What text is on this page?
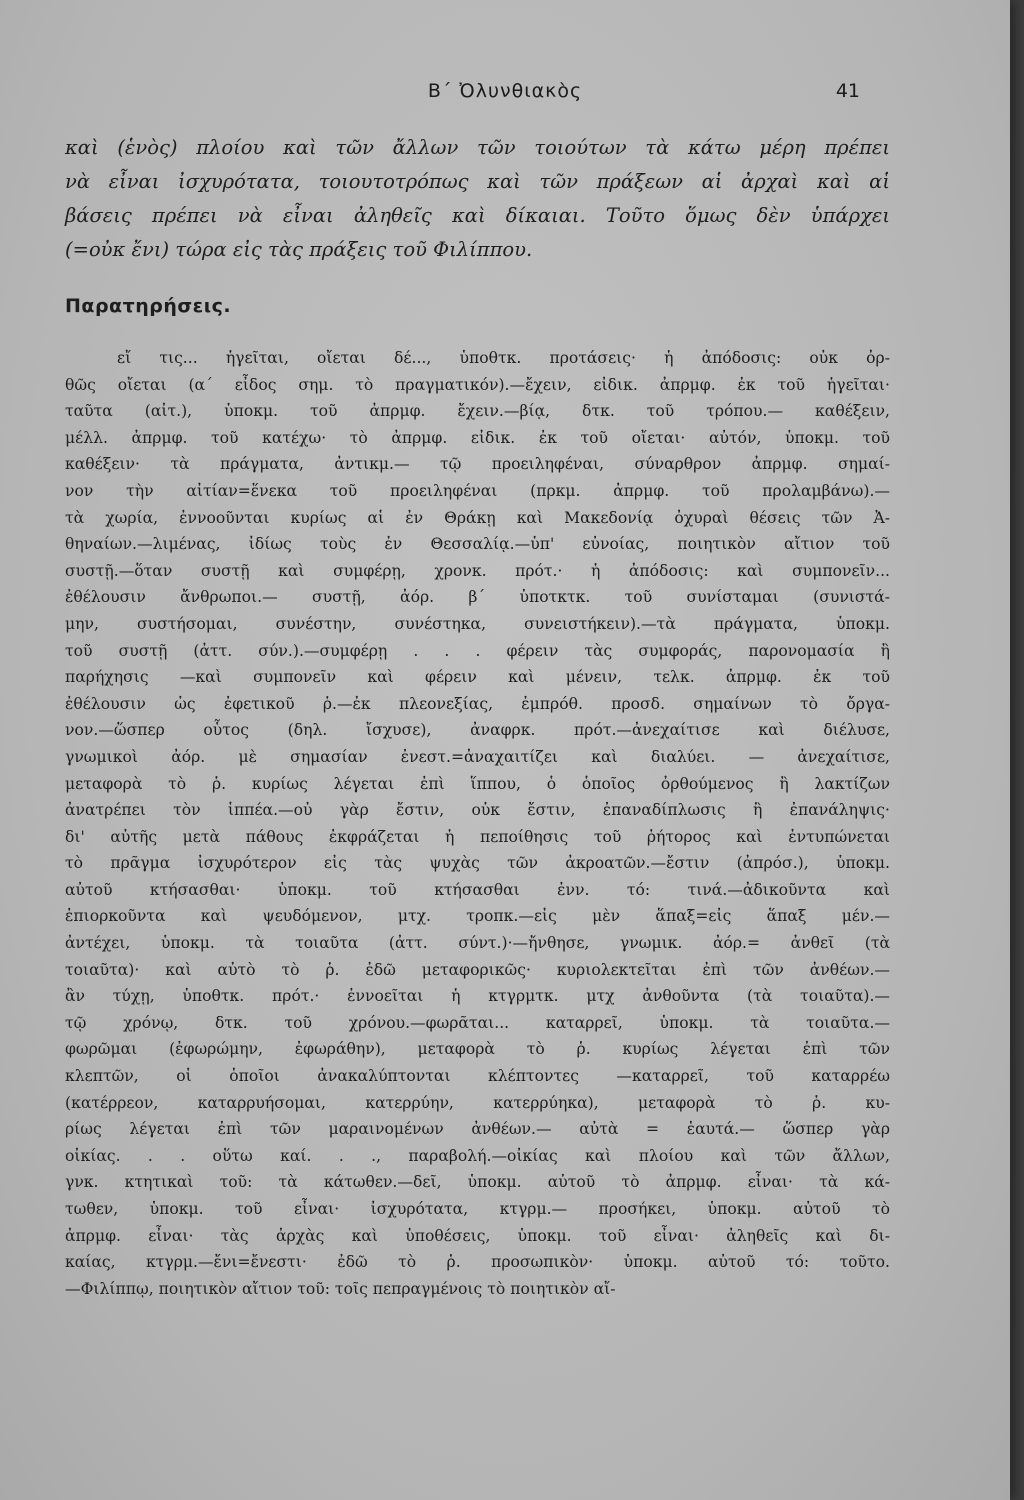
Β΄ Ὀλυνθιακὸς	41
καὶ (ἑνὸς) πλοίου καὶ τῶν ἄλλων τῶν τοιούτων τὰ κάτω μέρη πρέπει
νὰ εἶναι ἰσχυρότατα, τοιουτοτρόπως καὶ τῶν πράξεων αἱ ἀρχαὶ καὶ αἱ
βάσεις πρέπει νὰ εἶναι ἀληθεῖς καὶ δίκαιαι. Τοῦτο ὅμως δὲν ὑπάρχει
(=οὐκ ἔνι) τώρα εἰς τὰς πράξεις τοῦ Φιλίππου.
Παρατηρήσεις.
εἴ τις... ἡγεῖται, οἴεται δέ..., ὑποθτκ. προτάσεις· ἡ ἀπόδοσις: οὐκ ὀρ-
θῶς οἴεται (α΄ εἶδος σημ. τὸ πραγματικόν).—ἔχειν, εἰδικ. ἀπρμφ. ἐκ τοῦ ἡγεῖται·
ταῦτα (αἰτ.), ὑποκμ. τοῦ ἀπρμφ. ἔχειν.—βίᾳ, δτκ. τοῦ τρόπου.— καθέξειν,
μέλλ. ἀπρμφ. τοῦ κατέχω· τὸ ἀπρμφ. εἰδικ. ἐκ τοῦ οἴεται· αὐτόν, ὑποκμ. τοῦ
καθέξειν· τὰ πράγματα, ἀντικμ.— τῷ προειληφέναι, σύναρθρον ἀπρμφ. σημαί-
νον τὴν αἰτίαν=ἕνεκα τοῦ προειληφέναι (πρκμ. ἀπρμφ. τοῦ προλαμβάνω).—
τὰ χωρία, ἐννοοῦνται κυρίως αἱ ἐν Θράκῃ καὶ Μακεδονίᾳ ὀχυραὶ θέσεις τῶν Ἀ-
θηναίων.—λιμένας, ἰδίως τοὺς ἐν Θεσσαλίᾳ.—ὑπ' εὐνοίας, ποιητικὸν αἴτιον τοῦ
συστῇ.—ὅταν συστῇ καὶ συμφέρῃ, χρονκ. πρότ.· ἡ ἀπόδοσις: καὶ συμπονεῖν...
ἐθέλουσιν ἄνθρωποι.— συστῇ, ἀόρ. β΄ ὑποτκτκ. τοῦ συνίσταμαι (συνιστά-
μην, συστήσομαι, συνέστην, συνέστηκα, συνειστήκειν).—τὰ πράγματα, ὑποκμ.
τοῦ συστῇ (ἀττ. σύν.).—συμφέρῃ . . . φέρειν τὰς συμφοράς, παρονομασία ἢ
παρήχησις —καὶ συμπονεῖν καὶ φέρειν καὶ μένειν, τελκ. ἀπρμφ. ἐκ τοῦ
ἐθέλουσιν ὡς ἐφετικοῦ ῥ.—ἐκ πλεονεξίας, ἐμπρόθ. προσδ. σημαίνων τὸ ὄργα-
νον.—ὥσπερ οὗτος (δηλ. ἴσχυσε), ἀναφρκ. πρότ.—ἀνεχαίτισε καὶ διέλυσε,
γνωμικοὶ ἀόρ. μὲ σημασίαν ἐνεστ.=ἀναχαιτίζει καὶ διαλύει. — ἀνεχαίτισε,
μεταφορὰ τὸ ῥ. κυρίως λέγεται ἐπὶ ἵππου, ὁ ὁποῖος ὀρθούμενος ἢ λακτίζων
ἀνατρέπει τὸν ἱππέα.—οὐ γὰρ ἔστιν, οὐκ ἔστιν, ἐπαναδίπλωσις ἢ ἐπανάληψις·
δι' αὐτῆς μετὰ πάθους ἐκφράζεται ἡ πεποίθησις τοῦ ῥήτορος καὶ ἐντυπώνεται
τὸ πρᾶγμα ἰσχυρότερον εἰς τὰς ψυχὰς τῶν ἀκροατῶν.—ἔστιν (ἀπρόσ.), ὑποκμ.
αὐτοῦ κτήσασθαι· ὑποκμ. τοῦ κτήσασθαι ἐνν. τό: τινά.—ἀδικοῦντα καὶ
ἐπιορκοῦντα καὶ ψευδόμενον, μτχ. τροπκ.—εἰς μὲν ἅπαξ=εἰς ἅπαξ μέν.—
ἀντέχει, ὑποκμ. τὰ τοιαῦτα (ἀττ. σύντ.)·—ἤνθησε, γνωμικ. ἀόρ.= ἀνθεῖ (τὰ
τοιαῦτα)· καὶ αὐτὸ τὸ ῥ. ἐδῶ μεταφορικῶς· κυριολεκτεῖται ἐπὶ τῶν ἀνθέων.—
ἂν τύχῃ, ὑποθτκ. πρότ.· ἐννοεῖται ἡ κτγρμτκ. μτχ ἀνθοῦντα (τὰ τοιαῦτα).—
τῷ χρόνῳ, δτκ. τοῦ χρόνου.—φωρᾶται... καταρρεῖ, ὑποκμ. τὰ τοιαῦτα.—
φωρῶμαι (ἐφωρώμην, ἐφωράθην), μεταφορὰ τὸ ῥ. κυρίως λέγεται ἐπὶ τῶν
κλεπτῶν, οἱ ὁποῖοι ἀνακαλύπτονται κλέπτοντες —καταρρεῖ, τοῦ καταρρέω
(κατέρρεον, καταρρυήσομαι, κατερρύην, κατερρύηκα), μεταφορὰ τὸ ῥ. κυ-
ρίως λέγεται ἐπὶ τῶν μαραινομένων ἀνθέων.— αὐτὰ = ἑαυτά.— ὥσπερ γὰρ
οἰκίας. . . οὕτω καί. . ., παραβολή.—οἰκίας καὶ πλοίου καὶ τῶν ἄλλων,
γνκ. κτητικαὶ τοῦ: τὰ κάτωθεν.—δεῖ, ὑποκμ. αὐτοῦ τὸ ἀπρμφ. εἶναι· τὰ κά-
τωθεν, ὑποκμ. τοῦ εἶναι· ἰσχυρότατα, κτγρμ.— προσήκει, ὑποκμ. αὐτοῦ τὸ
ἀπρμφ. εἶναι· τὰς ἀρχὰς καὶ ὑποθέσεις, ὑποκμ. τοῦ εἶναι· ἀληθεῖς καὶ δι-
καίας, κτγρμ.—ἔνι=ἔνεστι· ἐδῶ τὸ ῥ. προσωπικὸν· ὑποκμ. αὐτοῦ τό: τοῦτο.
—Φιλίππῳ, ποιητικὸν αἴτιον τοῦ: τοῖς πεπραγμένοις τὸ ποιητικὸν αἴ-
